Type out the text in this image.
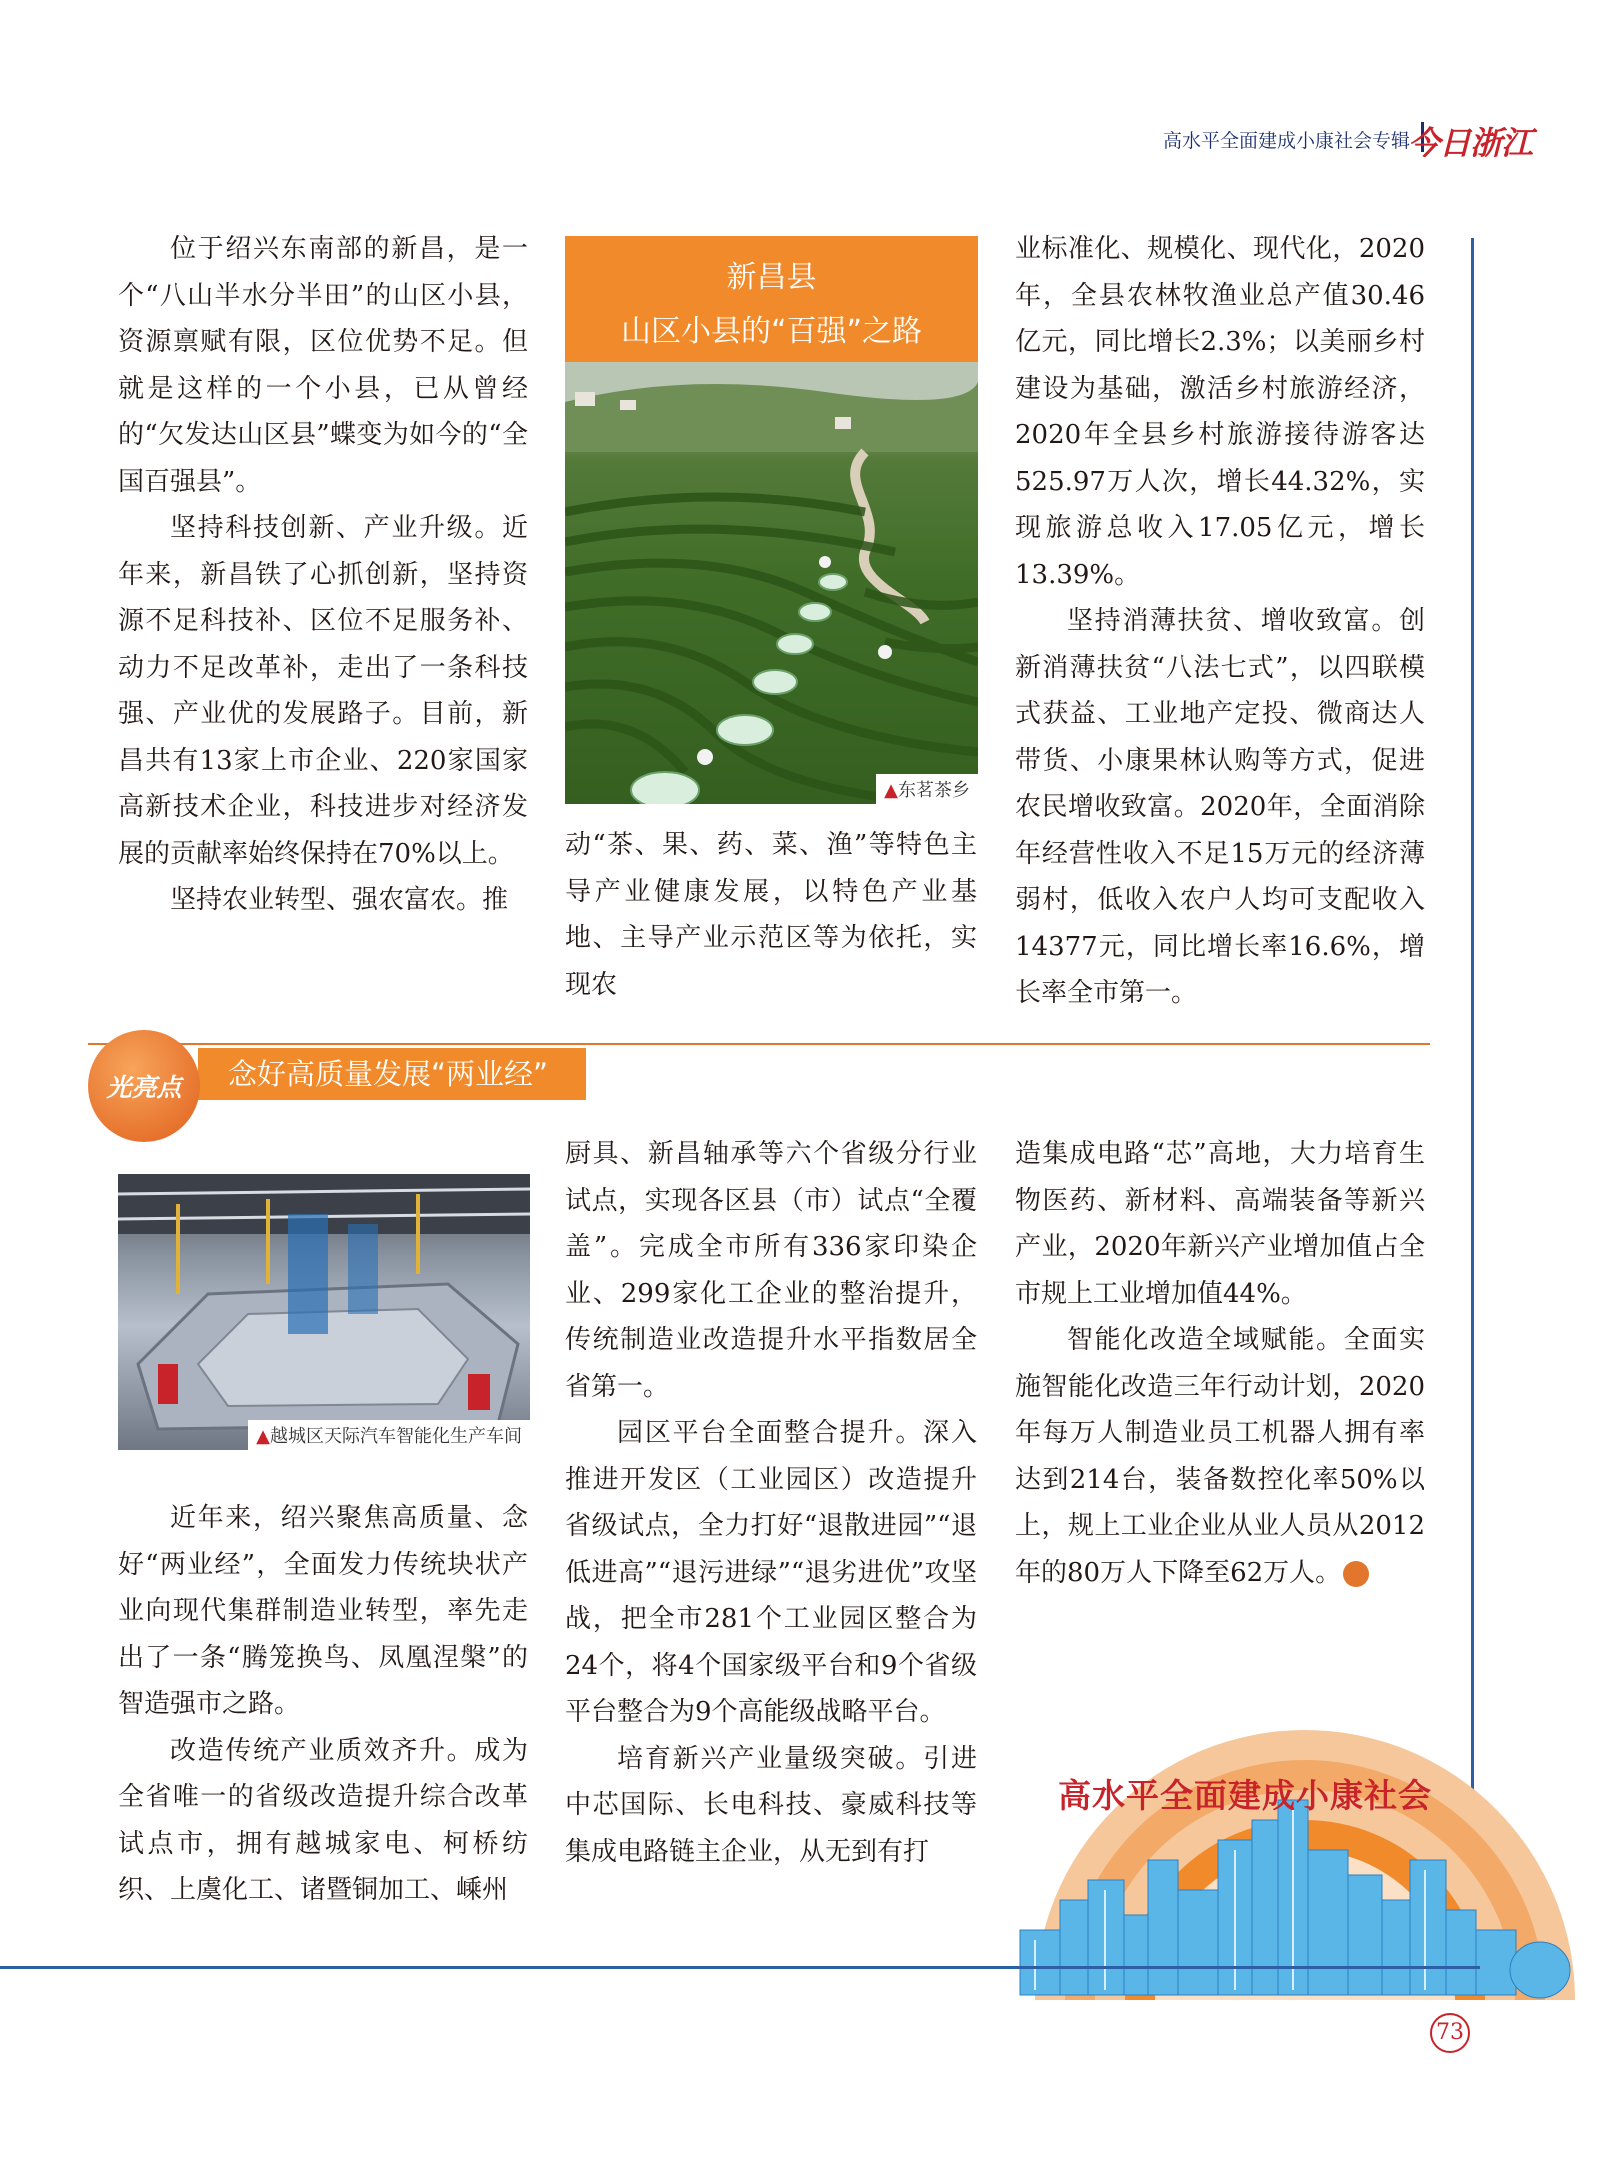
高水平全面建成小康社会专辑
今日浙江

位于绍兴东南部的新昌，是一个“八山半水分半田”的山区小县，资源禀赋有限，区位优势不足。但就是这样的一个小县，已从曾经的“欠发达山区县”蝶变为如今的“全国百强县”。

坚持科技创新、产业升级。近年来，新昌铁了心抓创新，坚持资源不足科技补、区位不足服务补、动力不足改革补，走出了一条科技强、产业优的发展路子。目前，新昌共有13家上市企业、220家国家高新技术企业，科技进步对经济发展的贡献率始终保持在70%以上。

坚持农业转型、强农富农。推

新昌县
山区小县的“百强”之路
▲东茗茶乡

动“茶、果、药、菜、渔”等特色主导产业健康发展，以特色产业基地、主导产业示范区等为依托，实现农

业标准化、规模化、现代化，2020年，全县农林牧渔业总产值30.46亿元，同比增长2.3%；以美丽乡村建设为基础，激活乡村旅游经济，2020年全县乡村旅游接待游客达525.97万人次，增长44.32%，实现旅游总收入17.05亿元，增长13.39%。

坚持消薄扶贫、增收致富。创新消薄扶贫“八法七式”，以四联模式获益、工业地产定投、微商达人带货、小康果林认购等方式，促进农民增收致富。2020年，全面消除年经营性收入不足15万元的经济薄弱村，低收入农户人均可支配收入14377元，同比增长率16.6%，增长率全市第一。

念好高质量发展“两业经”
光亮点
▲越城区天际汽车智能化生产车间

近年来，绍兴聚焦高质量、念好“两业经”，全面发力传统块状产业向现代集群制造业转型，率先走出了一条“腾笼换鸟、凤凰涅槃”的智造强市之路。

改造传统产业质效齐升。成为全省唯一的省级改造提升综合改革试点市，拥有越城家电、柯桥纺织、上虞化工、诸暨铜加工、嵊州

厨具、新昌轴承等六个省级分行业试点，实现各区县（市）试点“全覆盖”。完成全市所有336家印染企业、299家化工企业的整治提升，传统制造业改造提升水平指数居全省第一。

园区平台全面整合提升。深入推进开发区（工业园区）改造提升省级试点，全力打好“退散进园”“退低进高”“退污进绿”“退劣进优”攻坚战，把全市281个工业园区整合为24个，将4个国家级平台和9个省级平台整合为9个高能级战略平台。

培育新兴产业量级突破。引进中芯国际、长电科技、豪威科技等集成电路链主企业，从无到有打

造集成电路“芯”高地，大力培育生物医药、新材料、高端装备等新兴产业，2020年新兴产业增加值占全市规上工业增加值44%。

智能化改造全域赋能。全面实施智能化改造三年行动计划，2020年每万人制造业员工机器人拥有率达到214台，装备数控化率50%以上，规上工业企业从业人员从2012年的80万人下降至62万人。

高水平全面建成小康社会
73
